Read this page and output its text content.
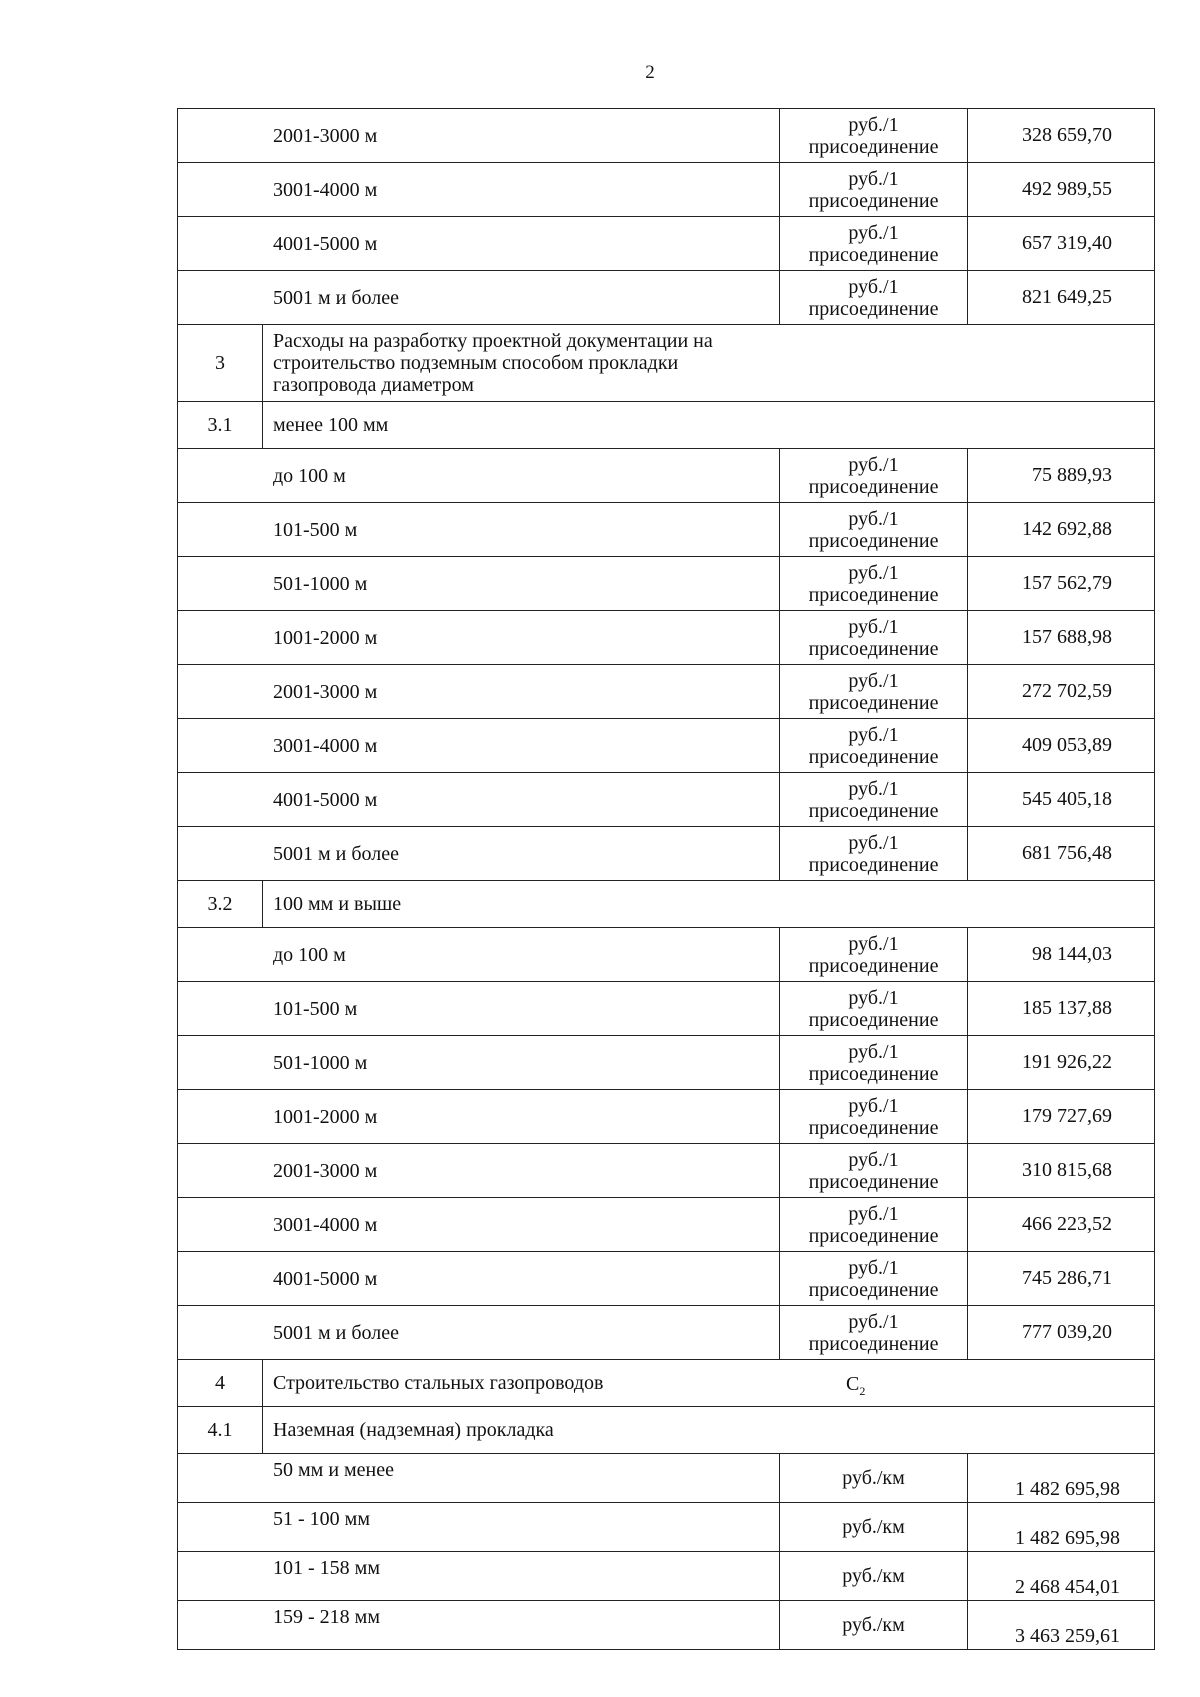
2
2001-3000 м		руб./1
присоединение	328 659,70
3001-4000 м		руб./1
присоединение	492 989,55
4001-5000 м		руб./1
присоединение	657 319,40
5001 м и более		руб./1
присоединение	821 649,25
3	Расходы на разработку проектной документации на строительство подземным способом прокладки газопровода диаметром		
3.1	менее 100 мм		
до 100 м		руб./1
присоединение	75 889,93
101-500 м		руб./1
присоединение	142 692,88
501-1000 м		руб./1
присоединение	157 562,79
1001-2000 м		руб./1
присоединение	157 688,98
2001-3000 м		руб./1
присоединение	272 702,59
3001-4000 м		руб./1
присоединение	409 053,89
4001-5000 м		руб./1
присоединение	545 405,18
5001 м и более		руб./1
присоединение	681 756,48
3.2	100 мм и выше		
до 100 м		руб./1
присоединение	98 144,03
101-500 м		руб./1
присоединение	185 137,88
501-1000 м		руб./1
присоединение	191 926,22
1001-2000 м		руб./1
присоединение	179 727,69
2001-3000 м		руб./1
присоединение	310 815,68
3001-4000 м		руб./1
присоединение	466 223,52
4001-5000 м		руб./1
присоединение	745 286,71
5001 м и более		руб./1
присоединение	777 039,20
4	Строительство стальных газопроводов $C_2$

4.1	Наземная (надземная) прокладка		
50 мм и менее		руб./км	1 482 695,98
51 - 100 мм		руб./км	1 482 695,98
101 - 158 мм		руб./км	2 468 454,01
159 - 218 мм		руб./км	3 463 259,61
